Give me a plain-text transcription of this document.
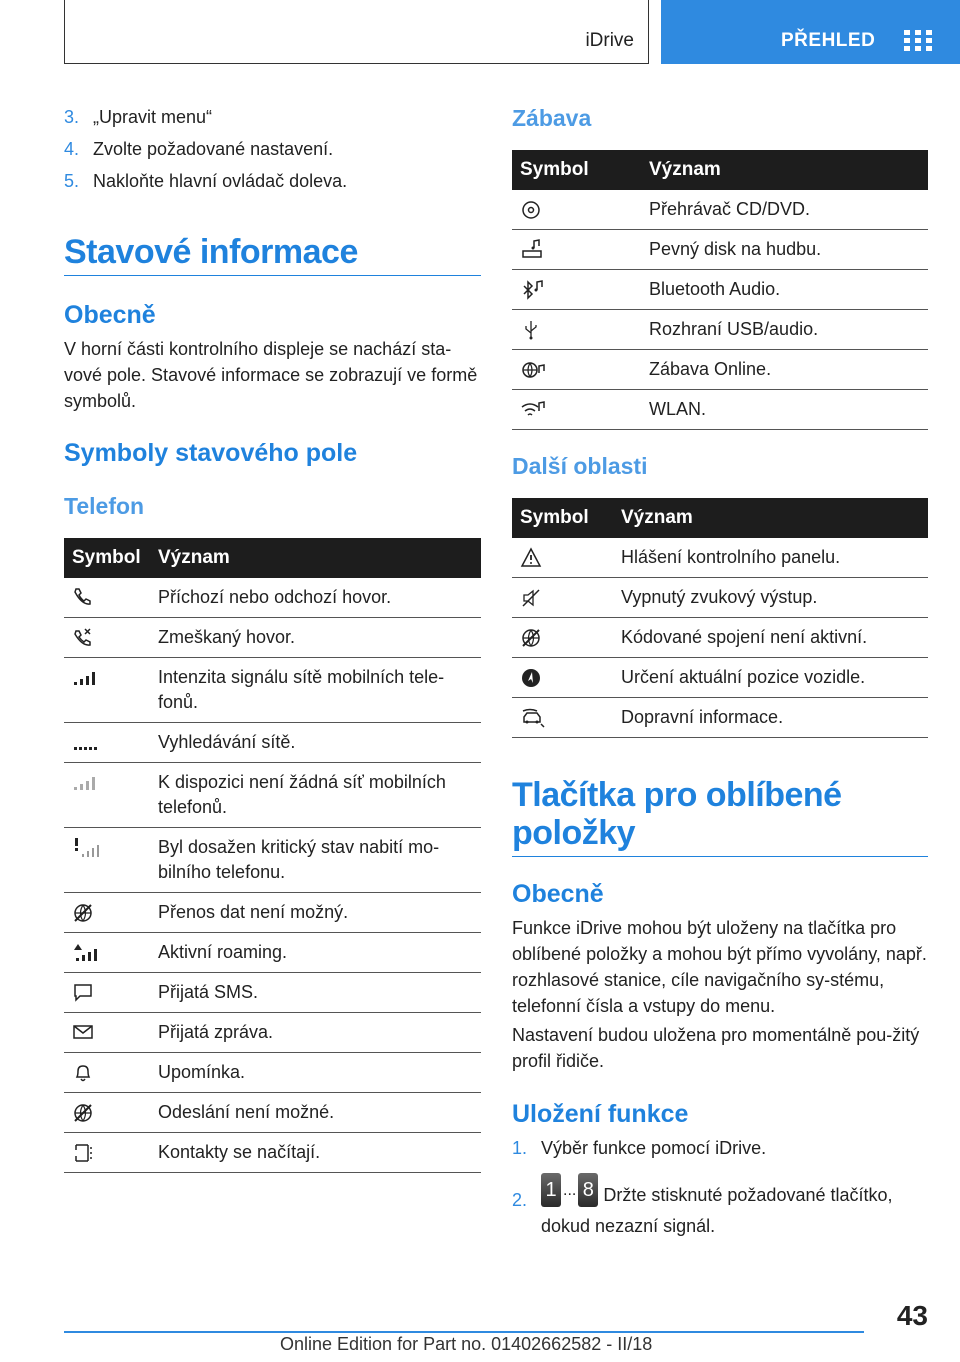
iDrive	PŘEHLED
3. „Upravit menu“
4. Zvolte požadované nastavení.
5. Nakloňte hlavní ovládač doleva.
Stavové informace
Obecně

V horní části kontrolního displeje se nachází sta-vové pole. Stavové informace se zobrazují ve formě symbolů.

Symboly stavového pole
Telefon
Symbol	Význam

	Příchozí nebo odchozí hovor.

	Zmeškaný hovor.

	Intenzita signálu sítě mobilních tele-fonů.

	Vyhledávání sítě.

	K dispozici není žádná síť mobilních telefonů.

	Byl dosažen kritický stav nabití mo-bilního telefonu.

	Přenos dat není možný.

	Aktivní roaming.

	Přijatá SMS.

	Přijatá zpráva.

	Upomínka.

	Odeslání není možné.

	Kontakty se načítají.
Zábava
Symbol	Význam

	Přehrávač CD/DVD.

	Pevný disk na hudbu.

	Bluetooth Audio.

	Rozhraní USB/audio.

	Zábava Online.

	WLAN.
Další oblasti
Symbol	Význam

	Hlášení kontrolního panelu.

	Vypnutý zvukový výstup.

	Kódované spojení není aktivní.

	Určení aktuální pozice vozidle.

	Dopravní informace.
Tlačítka pro oblíbené položky
Obecně

Funkce iDrive mohou být uloženy na tlačítka pro oblíbené položky a mohou být přímo vyvolány, např. rozhlasové stanice, cíle navigačního sy-stému, telefonní čísla a vstupy do menu.

Nastavení budou uložena pro momentálně pou-žitý profil řidiče.

Uložení funkce
1. Výběr funkce pomocí iDrive.
2. 1 ... 8 Držte stisknuté požadované tlačítko, dokud nezazní signál.
43
Online Edition for Part no. 01402662582 - II/18
